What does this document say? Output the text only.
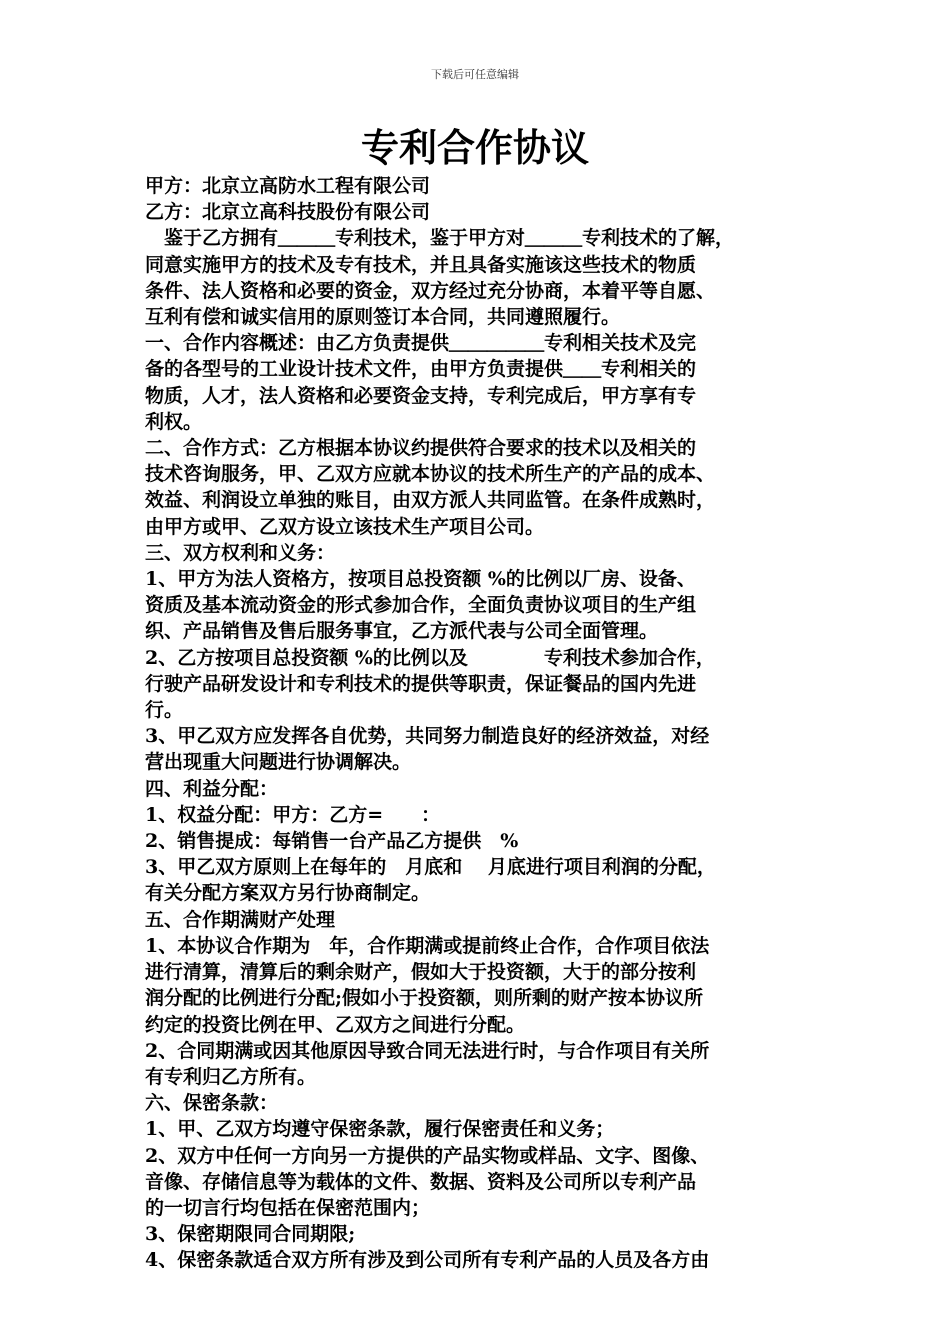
下载后可任意编辑
专利合作协议

甲方：北京立高防水工程有限公司

乙方：北京立高科技股份有限公司

　鉴于乙方拥有＿＿＿专利技术，鉴于甲方对＿＿＿专利技术的了解，

同意实施甲方的技术及专有技术，并且具备实施该这些技术的物质

条件、法人资格和必要的资金，双方经过充分协商，本着平等自愿、

互利有偿和诚实信用的原则签订本合同，共同遵照履行。

一、合作内容概述：由乙方负责提供＿＿＿＿＿专利相关技术及完

备的各型号的工业设计技术文件，由甲方负责提供＿＿专利相关的

物质，人才，法人资格和必要资金支持，专利完成后，甲方享有专

利权。

二、合作方式：乙方根据本协议约提供符合要求的技术以及相关的

技术咨询服务，甲、乙双方应就本协议的技术所生产的产品的成本、

效益、利润设立单独的账目，由双方派人共同监管。在条件成熟时，

由甲方或甲、乙双方设立该技术生产项目公司。

三、双方权利和义务：

1、甲方为法人资格方，按项目总投资额 %的比例以厂房、设备、

资质及基本流动资金的形式参加合作，全面负责协议项目的生产组

织、产品销售及售后服务事宜，乙方派代表与公司全面管理。

2、乙方按项目总投资额 %的比例以及　　　　专利技术参加合作，

行驶产品研发设计和专利技术的提供等职责，保证餐品的国内先进

行。

3、甲乙双方应发挥各自优势，共同努力制造良好的经济效益，对经

营出现重大问题进行协调解决。

四、利益分配：

1、权益分配：甲方：乙方=　　：

2、销售提成：每销售一台产品乙方提供　%

3、甲乙双方原则上在每年的　月底和　 月底进行项目利润的分配，

有关分配方案双方另行协商制定。

五、合作期满财产处理

1、本协议合作期为　年，合作期满或提前终止合作，合作项目依法

进行清算，清算后的剩余财产，假如大于投资额，大于的部分按利

润分配的比例进行分配;假如小于投资额，则所剩的财产按本协议所

约定的投资比例在甲、乙双方之间进行分配。

2、合同期满或因其他原因导致合同无法进行时，与合作项目有关所

有专利归乙方所有。

六、保密条款：

1、甲、乙双方均遵守保密条款，履行保密责任和义务；

2、双方中任何一方向另一方提供的产品实物或样品、文字、图像、

音像、存储信息等为载体的文件、数据、资料及公司所以专利产品

的一切言行均包括在保密范围内；

3、保密期限同合同期限;

4、保密条款适合双方所有涉及到公司所有专利产品的人员及各方由
